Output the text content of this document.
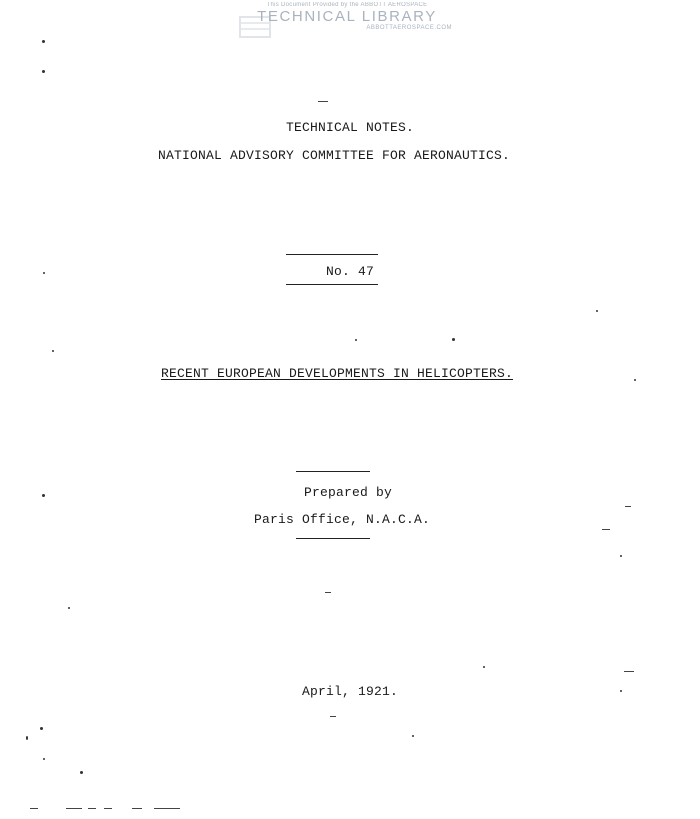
This Document Provided by the ABBOTT AEROSPACE
TECHNICAL LIBRARY
ABBOTTAEROSPACE.COM
TECHNICAL NOTES.
NATIONAL ADVISORY COMMITTEE FOR AERONAUTICS.
No. 47
RECENT EUROPEAN DEVELOPMENTS IN HELICOPTERS.
Prepared by
Paris Office, N.A.C.A.
April, 1921.
